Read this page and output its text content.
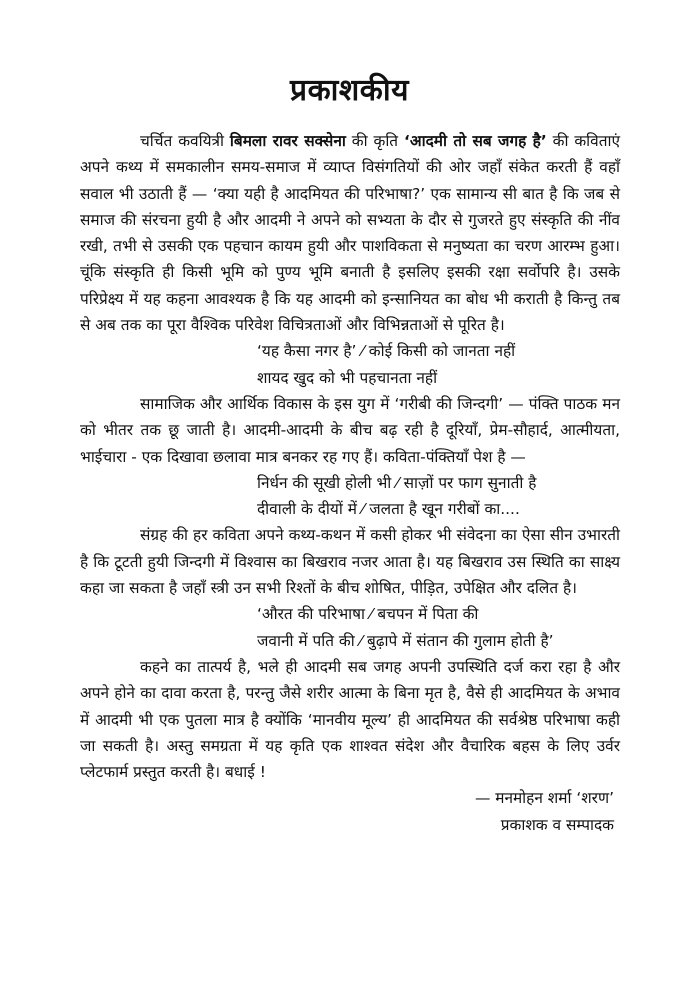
प्रकाशकीय

चर्चित कवयित्री बिमला रावर सक्सेना की कृति ‘आदमी तो सब जगह है’ की कविताएं अपने कथ्य में समकालीन समय-समाज में व्याप्त विसंगतियों की ओर जहाँ संकेत करती हैं वहाँ सवाल भी उठाती हैं — ‘क्या यही है आदमियत की परिभाषा?’ एक सामान्य सी बात है कि जब से समाज की संरचना हुयी है और आदमी ने अपने को सभ्यता के दौर से गुजरते हुए संस्कृति की नींव रखी, तभी से उसकी एक पहचान कायम हुयी और पाशविकता से मनुष्यता का चरण आरम्भ हुआ। चूंकि संस्कृति ही किसी भूमि को पुण्य भूमि बनाती है इसलिए इसकी रक्षा सर्वोपरि है। उसके परिप्रेक्ष्य में यह कहना आवश्यक है कि यह आदमी को इन्सानियत का बोध भी कराती है किन्तु तब से अब तक का पूरा वैश्विक परिवेश विचित्रताओं और विभिन्नताओं से पूरित है।

‘यह कैसा नगर है’ ⁄ कोई किसी को जानता नहीं

शायद खुद को भी पहचानता नहीं

सामाजिक और आर्थिक विकास के इस युग में ‘गरीबी की जिन्दगी’ — पंक्ति पाठक मन को भीतर तक छू जाती है। आदमी-आदमी के बीच बढ़ रही है दूरियाँ, प्रेम-सौहार्द, आत्मीयता, भाईचारा - एक दिखावा छलावा मात्र बनकर रह गए हैं। कविता-पंक्तियाँ पेश है —

निर्धन की सूखी होली भी ⁄ साज़ों पर फाग सुनाती है

दीवाली के दीयों में ⁄ जलता है खून गरीबों का....

संग्रह की हर कविता अपने कथ्य-कथन में कसी होकर भी संवेदना का ऐसा सीन उभारती है कि टूटती हुयी जिन्दगी में विश्वास का बिखराव नजर आता है। यह बिखराव उस स्थिति का साक्ष्य कहा जा सकता है जहाँ स्त्री उन सभी रिश्तों के बीच शोषित, पीड़ित, उपेक्षित और दलित है।

‘औरत की परिभाषा ⁄ बचपन में पिता की

जवानी में पति की ⁄ बुढ़ापे में संतान की गुलाम होती है’

कहने का तात्पर्य है, भले ही आदमी सब जगह अपनी उपस्थिति दर्ज करा रहा है और अपने होने का दावा करता है, परन्तु जैसे शरीर आत्मा के बिना मृत है, वैसे ही आदमियत के अभाव में आदमी भी एक पुतला मात्र है क्योंकि ‘मानवीय मूल्य’ ही आदमियत की सर्वश्रेष्ठ परिभाषा कही जा सकती है। अस्तु समग्रता में यह कृति एक शाश्वत संदेश और वैचारिक बहस के लिए उर्वर प्लेटफार्म प्रस्तुत करती है। बधाई !

— मनमोहन शर्मा ‘शरण’

प्रकाशक व सम्पादक
